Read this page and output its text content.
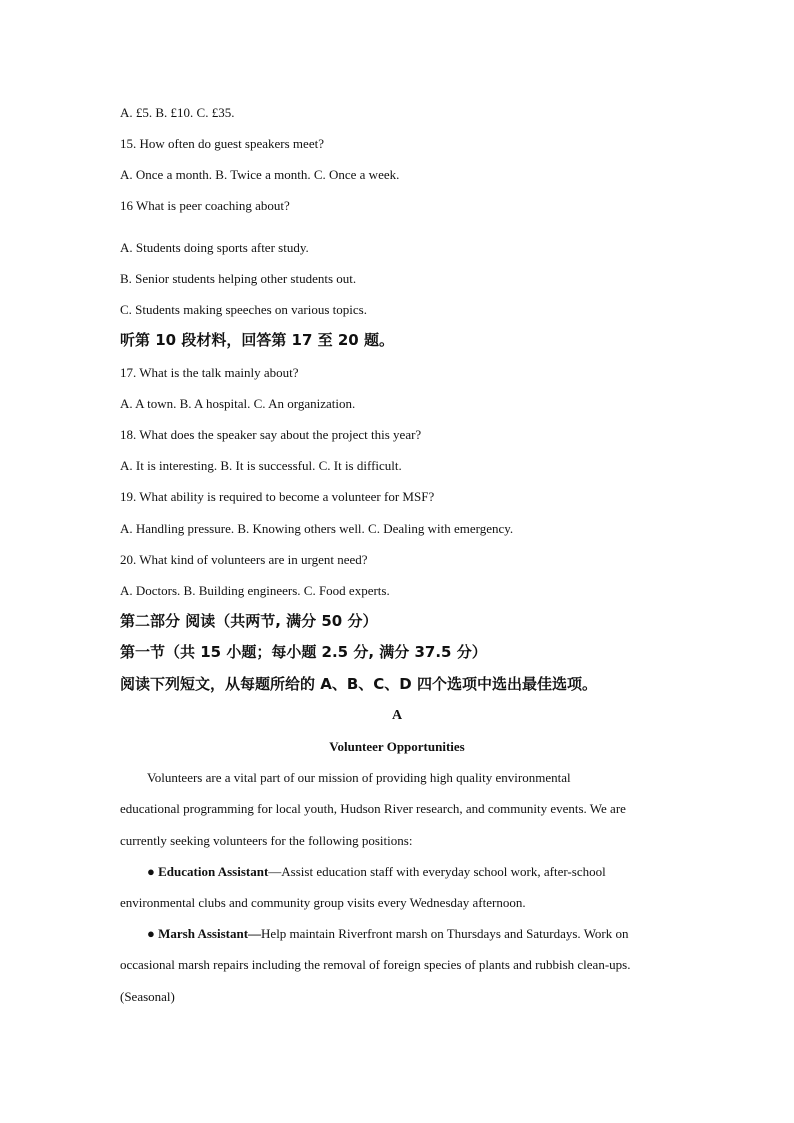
A. £5. B. £10. C. £35.
15. How often do guest speakers meet?
A. Once a month. B. Twice a month. C. Once a week.
16 What is peer coaching about?
A. Students doing sports after study.
B. Senior students helping other students out.
C. Students making speeches on various topics.
听第 10 段材料，回答第 17 至 20 题。
17. What is the talk mainly about?
A. A town. B. A hospital. C. An organization.
18. What does the speaker say about the project this year?
A. It is interesting. B. It is successful. C. It is difficult.
19. What ability is required to become a volunteer for MSF?
A. Handling pressure. B. Knowing others well. C. Dealing with emergency.
20. What kind of volunteers are in urgent need?
A. Doctors. B. Building engineers. C. Food experts.
第二部分 阅读（共两节, 满分 50 分）
第一节（共 15 小题；每小题 2.5 分, 满分 37.5 分）
阅读下列短文，从每题所给的 A、B、C、D 四个选项中选出最佳选项。
A
Volunteer Opportunities
Volunteers are a vital part of our mission of providing high quality environmental
educational programming for local youth, Hudson River research, and community events. We are
currently seeking volunteers for the following positions:
● Education Assistant—Assist education staff with everyday school work, after-school
environmental clubs and community group visits every Wednesday afternoon.
● Marsh Assistant—Help maintain Riverfront marsh on Thursdays and Saturdays. Work on
occasional marsh repairs including the removal of foreign species of plants and rubbish clean-ups.
(Seasonal)
